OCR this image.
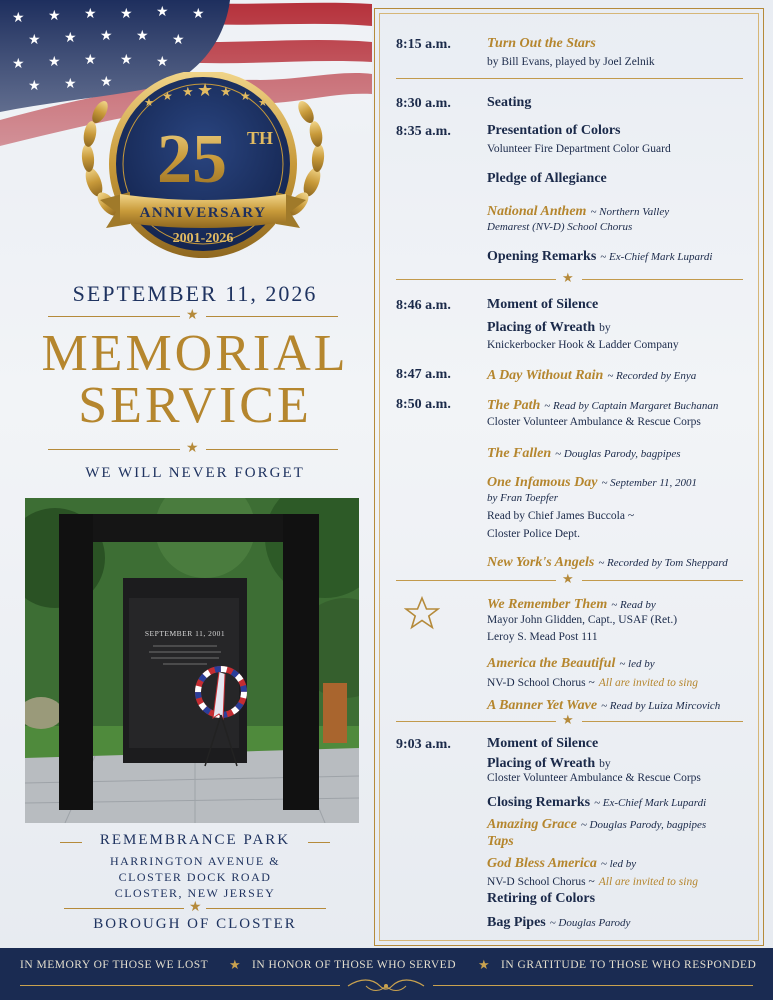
★ ★ ★ ★ ★ ★ ★
25 TH
ANNIVERSARY
2001-2026
SEPTEMBER 11, 2026
★
MEMORIAL
SERVICE
★
WE WILL NEVER FORGET
SEPTEMBER 11, 2001
REMEMBRANCE PARK
HARRINGTON AVENUE &
CLOSTER DOCK ROAD
CLOSTER, NEW JERSEY
★
BOROUGH OF CLOSTER
8:15 a.m.	Turn Out the Stars
by Bill Evans, played by Joel Zelnik
8:30 a.m.	Seating
8:35 a.m.	Presentation of Colors
Volunteer Fire Department Color Guard
Pledge of Allegiance
National Anthem ~ Northern Valley
Demarest (NV-D) School Chorus
Opening Remarks ~ Ex-Chief Mark Lupardi
★
8:46 a.m.	Moment of Silence
Placing of Wreath by
Knickerbocker Hook & Ladder Company
8:47 a.m.	A Day Without Rain ~ Recorded by Enya
8:50 a.m.	The Path ~ Read by Captain Margaret Buchanan
Closter Volunteer Ambulance & Rescue Corps
The Fallen ~ Douglas Parody, bagpipes
One Infamous Day ~ September 11, 2001
by Fran Toepfer
Read by Chief James Buccola ~
Closter Police Dept.
New York's Angels ~ Recorded by Tom Sheppard
★
We Remember Them ~ Read by
Mayor John Glidden, Capt., USAF (Ret.)
Leroy S. Mead Post 111
America the Beautiful ~ led by
NV-D School Chorus ~ All are invited to sing
A Banner Yet Wave ~ Read by Luiza Mircovich
★
9:03 a.m.	Moment of Silence
Placing of Wreath by
Closter Volunteer Ambulance & Rescue Corps
Closing Remarks ~ Ex-Chief Mark Lupardi
Amazing Grace ~ Douglas Parody, bagpipes
Taps
God Bless America ~ led by
NV-D School Chorus ~ All are invited to sing
Retiring of Colors
Bag Pipes ~ Douglas Parody
IN MEMORY OF THOSE WE LOST ★ IN HONOR OF THOSE WHO SERVED ★ IN GRATITUDE TO THOSE WHO RESPONDED
